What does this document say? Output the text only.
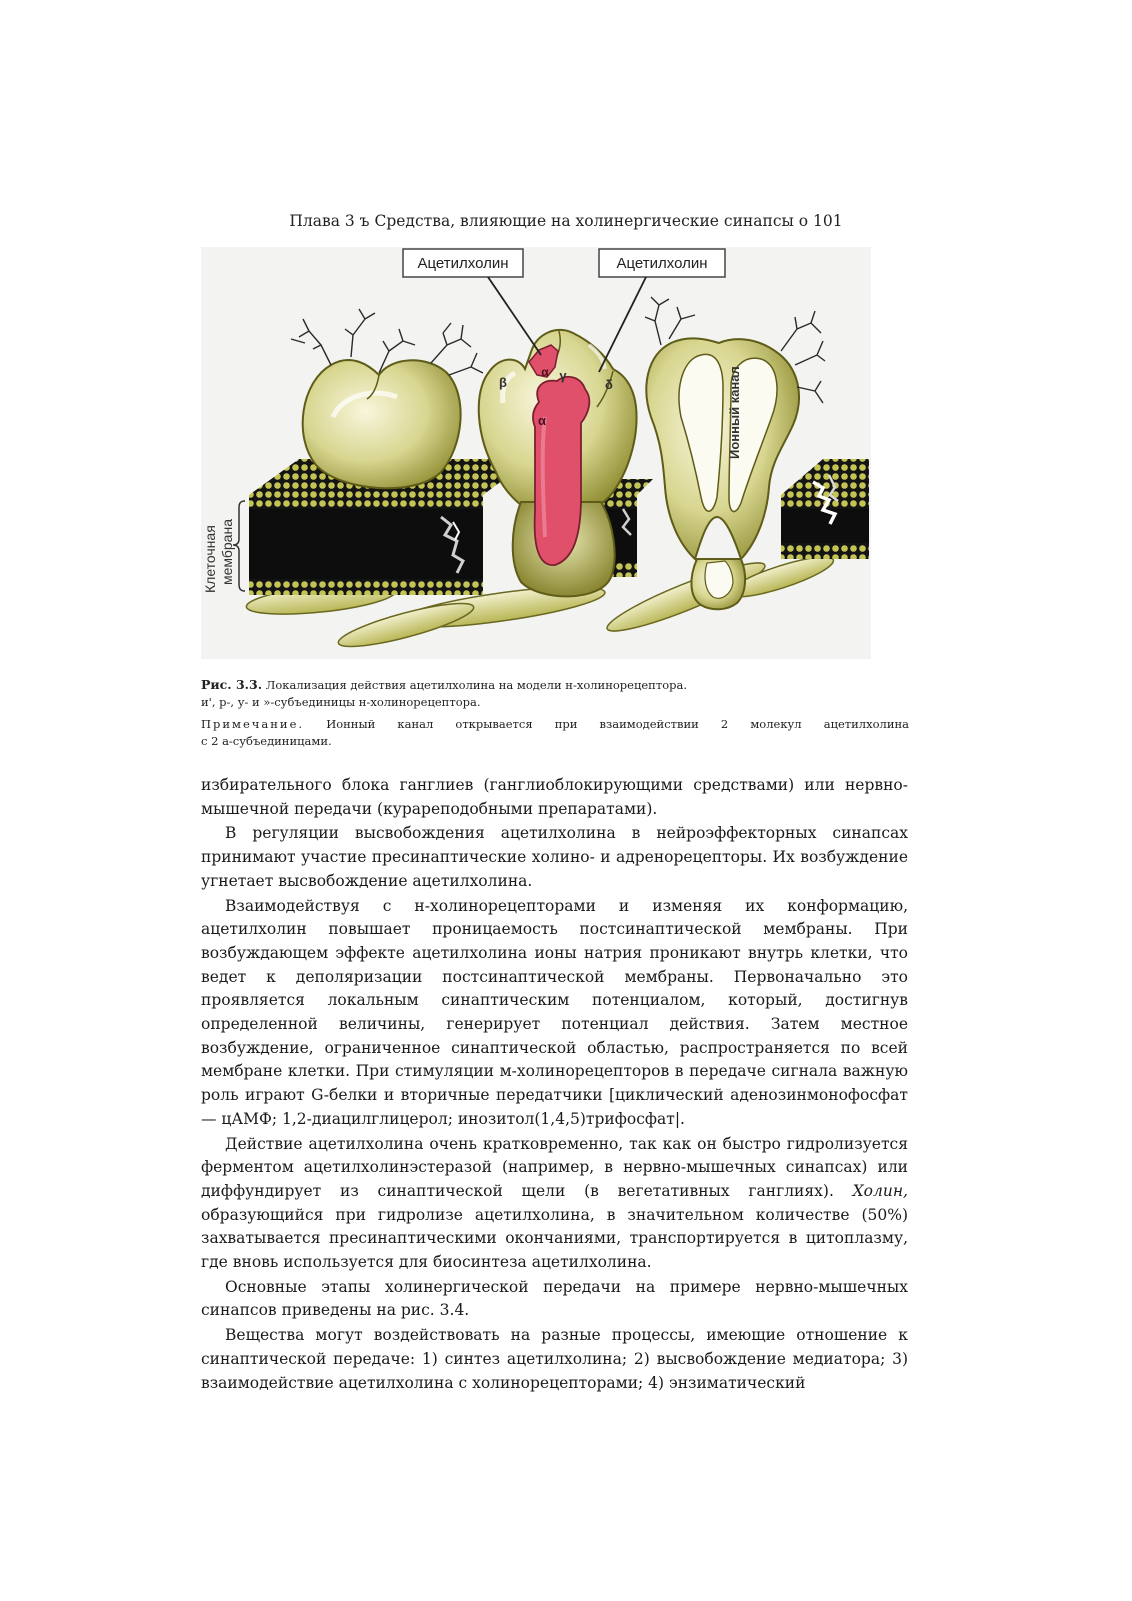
Плава 3 ъ Средства, влияющие на холинергические синапсы о 101
Ацетилхолин	Ацетилхолин
γ
β
α
δ
α	Ионный канал
Клеточная мембрана
Рис. 3.3. Локализация действия ацетилхолина на модели н-холинорецептора.
и', р-, у- и »-субъединицы н-холинорецептора.
Примечание. Ионный канал открывается при взаимодействии 2 молекул ацетилхолина
с 2 а-субъединицами.

избирательного блока ганглиев (ганглиоблокирующими средствами) или нервно-мышечной передачи (курареподобными препаратами).

В регуляции высвобождения ацетилхолина в нейроэффекторных синапсах принимают участие пресинаптические холино- и адренорецепторы. Их возбуждение угнетает высвобождение ацетилхолина.

Взаимодействуя с н-холинорецепторами и изменяя их конформацию, ацетилхолин повышает проницаемость постсинаптической мембраны. При возбуждающем эффекте ацетилхолина ионы натрия проникают внутрь клетки, что ведет к деполяризации постсинаптической мембраны. Первоначально это проявляется локальным синаптическим потенциалом, который, достигнув определенной величины, генерирует потенциал действия. Затем местное возбуждение, ограниченное синаптической областью, распространяется по всей мембране клетки. При стимуляции м-холинорецепторов в передаче сигнала важную роль играют G-белки и вторичные передатчики [циклический аденозинмонофосфат — цАМФ; 1,2-диацилглицерол; инозитол(1,4,5)трифосфат|.

Действие ацетилхолина очень кратковременно, так как он быстро гидролизуется ферментом ацетилхолинэстеразой (например, в нервно-мышечных синапсах) или диффундирует из синаптической щели (в вегетативных ганглиях). Холин, образующийся при гидролизе ацетилхолина, в значительном количестве (50%) захватывается пресинаптическими окончаниями, транспортируется в цитоплазму, где вновь используется для биосинтеза ацетилхолина.

Основные этапы холинергической передачи на примере нервно-мышечных синапсов приведены на рис. 3.4.

Вещества могут воздействовать на разные процессы, имеющие отношение к синаптической передаче: 1) синтез ацетилхолина; 2) высвобождение медиатора; 3) взаимодействие ацетилхолина с холинорецепторами; 4) энзиматический
